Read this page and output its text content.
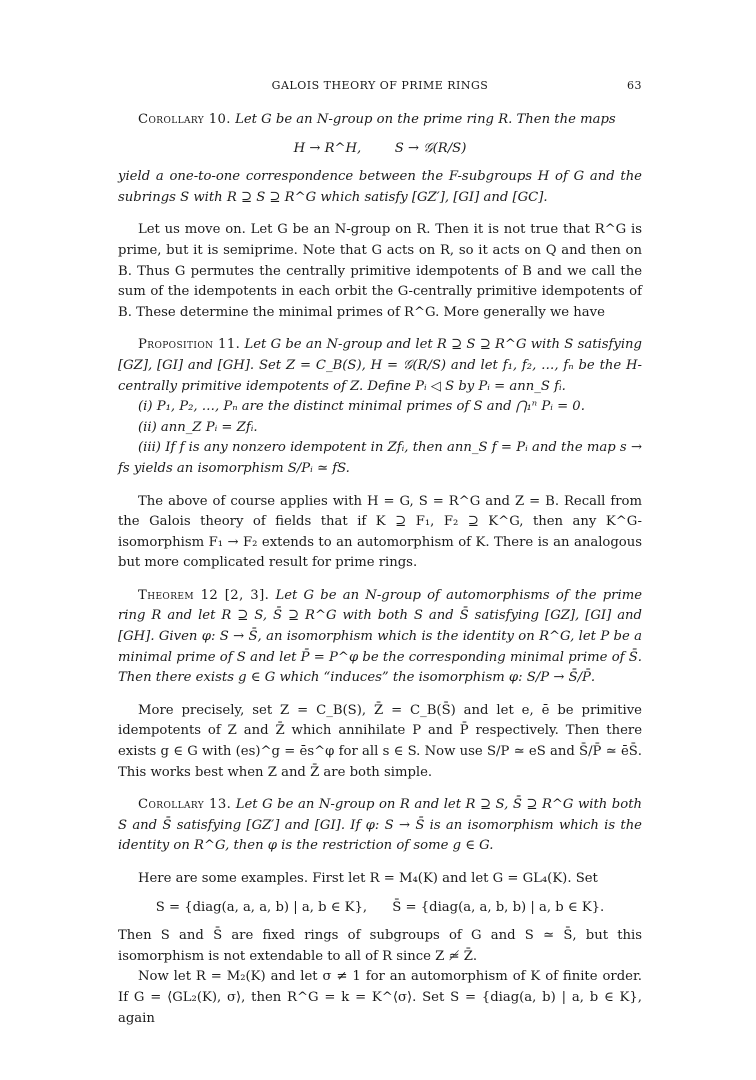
GALOIS THEORY OF PRIME RINGS	63

Corollary 10. Let G be an N-group on the prime ring R. Then the maps

H → R^H,	S → 𝒢(R/S)

yield a one-to-one correspondence between the F-subgroups H of G and the subrings S with R ⊇ S ⊇ R^G which satisfy [GZ′], [GI] and [GC].

Let us move on. Let G be an N-group on R. Then it is not true that R^G is prime, but it is semiprime. Note that G acts on R, so it acts on Q and then on B. Thus G permutes the centrally primitive idempotents of B and we call the sum of the idempotents in each orbit the G-centrally primitive idempotents of B. These determine the minimal primes of R^G. More generally we have

Proposition 11. Let G be an N-group and let R ⊇ S ⊇ R^G with S satisfying [GZ], [GI] and [GH]. Set Z = C_B(S), H = 𝒢(R/S) and let f₁, f₂, …, fₙ be the H-centrally primitive idempotents of Z. Define Pᵢ ◁ S by Pᵢ = ann_S fᵢ.

(i) P₁, P₂, …, Pₙ are the distinct minimal primes of S and ⋂₁ⁿ Pᵢ = 0.

(ii) ann_Z Pᵢ = Zfᵢ.

(iii) If f is any nonzero idempotent in Zfᵢ, then ann_S f = Pᵢ and the map s → fs yields an isomorphism S/Pᵢ ≃ fS.

The above of course applies with H = G, S = R^G and Z = B. Recall from the Galois theory of fields that if K ⊇ F₁, F₂ ⊇ K^G, then any K^G-isomorphism F₁ → F₂ extends to an automorphism of K. There is an analogous but more complicated result for prime rings.

Theorem 12 [2, 3]. Let G be an N-group of automorphisms of the prime ring R and let R ⊇ S, S̄ ⊇ R^G with both S and S̄ satisfying [GZ], [GI] and [GH]. Given φ: S → S̄, an isomorphism which is the identity on R^G, let P be a minimal prime of S and let P̄ = P^φ be the corresponding minimal prime of S̄. Then there exists g ∈ G which “induces” the isomorphism φ: S/P → S̄/P̄.

More precisely, set Z = C_B(S), Z̄ = C_B(S̄) and let e, ē be primitive idempotents of Z and Z̄ which annihilate P and P̄ respectively. Then there exists g ∈ G with (es)^g = ēs^φ for all s ∈ S. Now use S/P ≃ eS and S̄/P̄ ≃ ēS̄. This works best when Z and Z̄ are both simple.

Corollary 13. Let G be an N-group on R and let R ⊇ S, S̄ ⊇ R^G with both S and S̄ satisfying [GZ′] and [GI]. If φ: S → S̄ is an isomorphism which is the identity on R^G, then φ is the restriction of some g ∈ G.

Here are some examples. First let R = M₄(K) and let G = GL₄(K). Set

S = {diag(a, a, a, b) | a, b ∈ K}, S̄ = {diag(a, a, b, b) | a, b ∈ K}.

Then S and S̄ are fixed rings of subgroups of G and S ≃ S̄, but this isomorphism is not extendable to all of R since Z ≄ Z̄.

Now let R = M₂(K) and let σ ≠ 1 for an automorphism of K of finite order. If G = ⟨GL₂(K), σ⟩, then R^G = k = K^⟨σ⟩. Set S = {diag(a, b) | a, b ∈ K}, again
